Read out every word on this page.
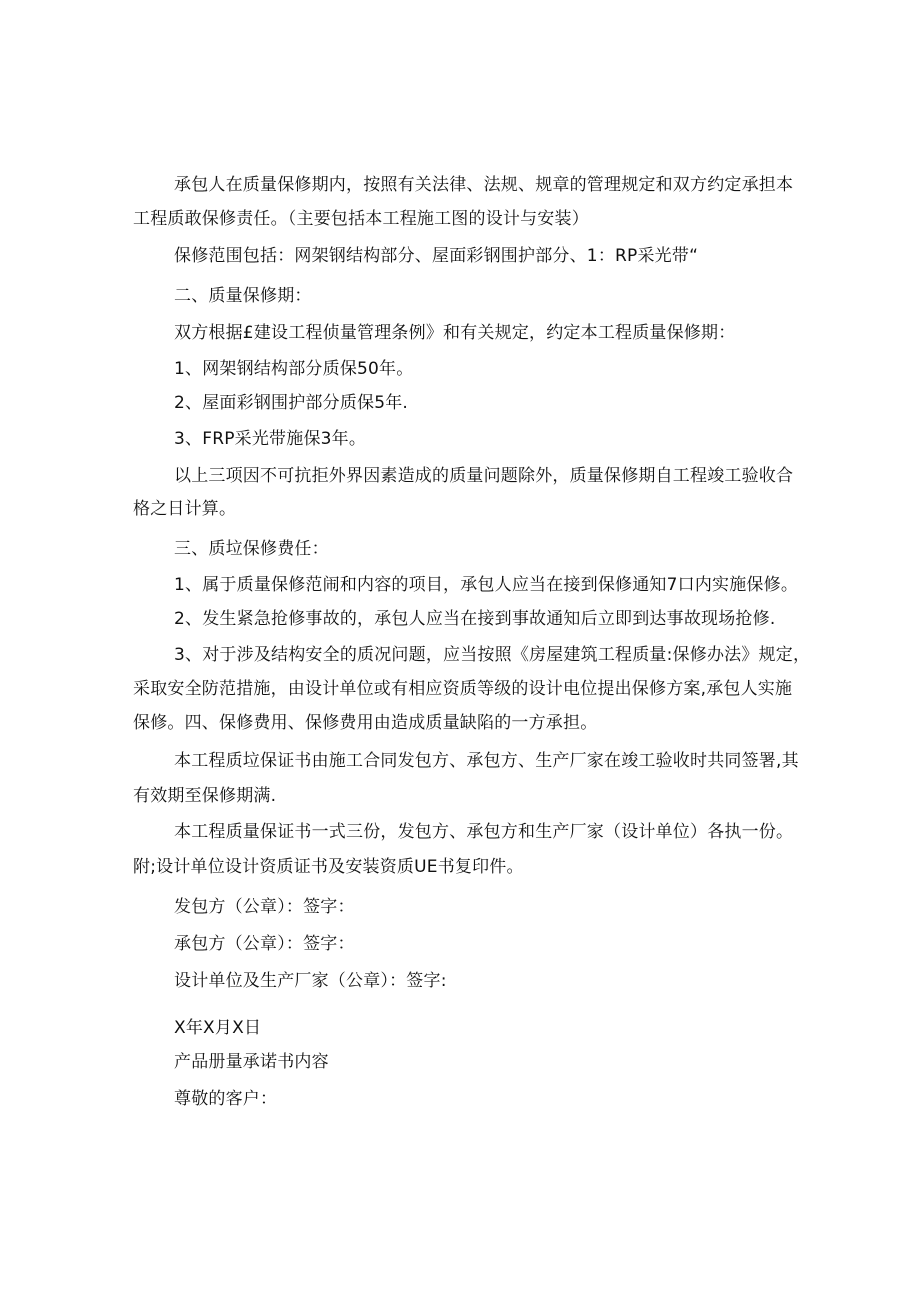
承包人在质量保修期内，按照有关法律、法规、规章的管理规定和双方约定承担本
工程质敢保修责任。（主要包括本工程施工图的设计与安装）
保修范围包括：网架钢结构部分、屋面彩钢围护部分、1：RP采光带“
二、质量保修期：
双方根据£建设工程侦量管理条例》和有关规定，约定本工程质量保修期：
1、网架钢结构部分质保50年。
2、屋面彩钢围护部分质保5年.
3、FRP采光带施保3年。
以上三项因不可抗拒外界因素造成的质量问题除外，质量保修期自工程竣工验收合
格之日计算。
三、质垃保修费任：
1、属于质量保修范闹和内容的项目，承包人应当在接到保修通知7口内实施保修。
2、发生紧急抢修事故的，承包人应当在接到事故通知后立即到达事故现场抢修.
3、对于涉及结构安全的质况问题，应当按照《房屋建筑工程质量:保修办法》规定，
采取安全防范措施，由设计单位或有相应资质等级的设计电位提出保修方案,承包人实施
保修。四、保修费用、保修费用由造成质量缺陷的一方承担。
本工程质垃保证书由施工合同发包方、承包方、生产厂家在竣工验收时共同签署,其
有效期至保修期满.
本工程质量保证书一式三份，发包方、承包方和生产厂家（设计单位）各执一份。
附;设计单位设计资质证书及安装资质UE书复印件。
发包方（公章）：签字：
承包方（公章）：签字：
设计单位及生产厂家（公章）：签字:
X年X月X日
产品册量承诺书内容
尊敬的客户：
